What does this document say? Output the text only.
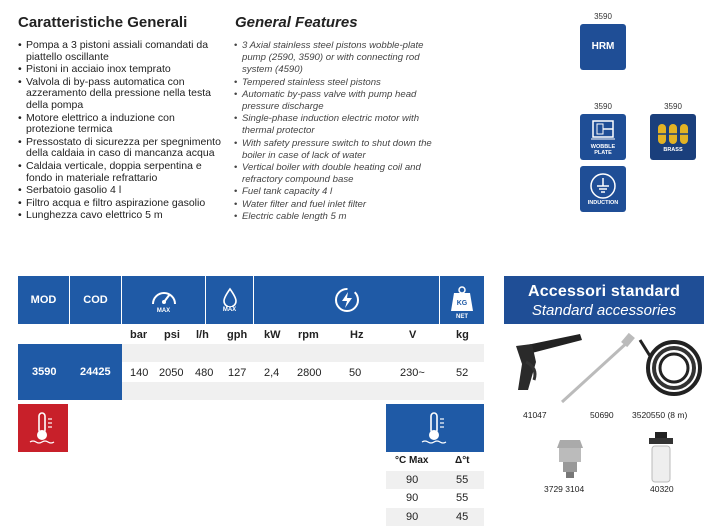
Caratteristiche Generali	General Features
• Pompa a 3 pistoni assiali comandati da piattello oscillante
• Pistoni in acciaio inox temprato
• Valvola di by-pass automatica con azzeramento della pressione nella testa della pompa
• Motore elettrico a induzione con protezione termica
• Pressostato di sicurezza per spegnimento della caldaia in caso di mancanza acqua
• Caldaia verticale, doppia serpentina e fondo in materiale refrattario
• Serbatoio gasolio 4 l
• Filtro acqua e filtro aspirazione gasolio
• Lunghezza cavo elettrico 5 m
• 3 Axial stainless steel pistons wobble-plate pump (2590, 3590) or with connecting rod system (4590)
• Tempered stainless steel pistons
• Automatic by-pass valve with pump head pressure discharge
• Single-phase induction electric motor with thermal protector
• With safety pressure switch to shut down the boiler in case of lack of water
• Vertical boiler with double heating coil and refractory compound base
• Fuel tank capacity 4 l
• Water filter and fuel inlet filter
• Electric cable length 5 m
3590
HRM
3590
WOBBLE PLATE
3590
BRASS
INDUCTION
MOD	COD
MAX	MAX
KG
NET
bar psi l/h gph kW rpm	Hz	V	kg
3590 24425 140 2050 480 127 2,4 2800	50	230~	52
°C Max	Δ°t
90	55
90	55
90	45
Accessori standard
Standard accessories
41047	50690 3520550 (8 m)
3729 3104	40320
